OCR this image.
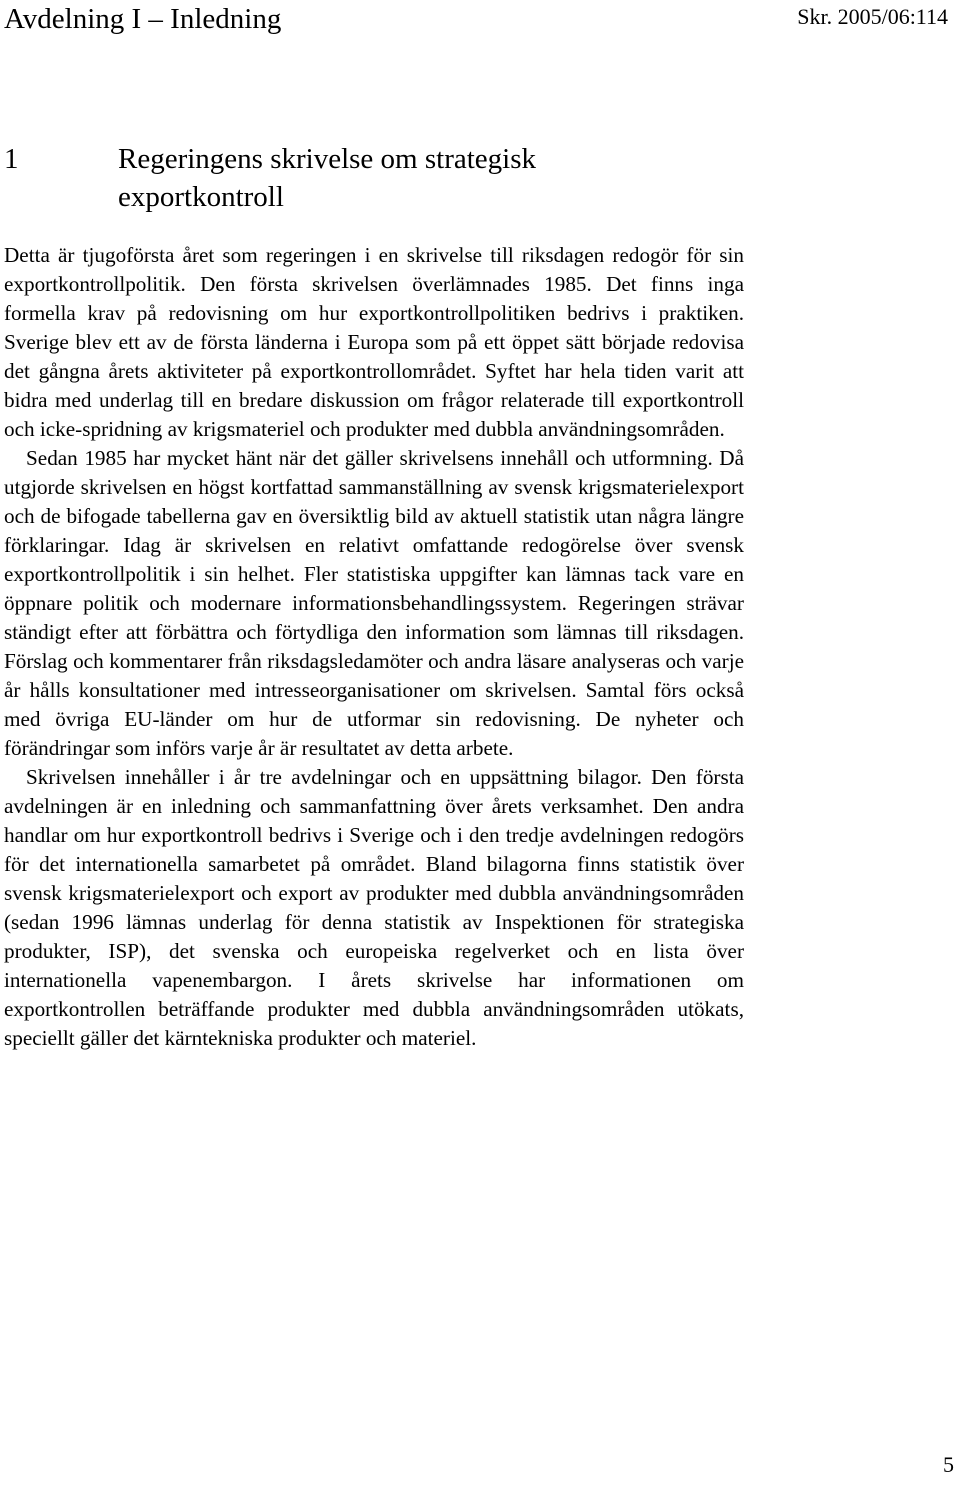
Avdelning I – Inledning	Skr. 2005/06:114
1	Regeringens skrivelse om strategisk exportkontroll

Detta är tjugoförsta året som regeringen i en skrivelse till riksdagen redogör för sin exportkontrollpolitik. Den första skrivelsen överlämnades 1985. Det finns inga formella krav på redovisning om hur exportkontrollpolitiken bedrivs i praktiken. Sverige blev ett av de första länderna i Europa som på ett öppet sätt började redovisa det gångna årets aktiviteter på exportkontrollområdet. Syftet har hela tiden varit att bidra med underlag till en bredare diskussion om frågor relaterade till exportkontroll och icke-spridning av krigsmateriel och produkter med dubbla användningsområden.

Sedan 1985 har mycket hänt när det gäller skrivelsens innehåll och utformning. Då utgjorde skrivelsen en högst kortfattad sammanställning av svensk krigsmaterielexport och de bifogade tabellerna gav en översiktlig bild av aktuell statistik utan några längre förklaringar. Idag är skrivelsen en relativt omfattande redogörelse över svensk exportkontrollpolitik i sin helhet. Fler statistiska uppgifter kan lämnas tack vare en öppnare politik och modernare informationsbehandlingssystem. Regeringen strävar ständigt efter att förbättra och förtydliga den information som lämnas till riksdagen. Förslag och kommentarer från riksdagsledamöter och andra läsare analyseras och varje år hålls konsultationer med intresseorganisationer om skrivelsen. Samtal förs också med övriga EU-länder om hur de utformar sin redovisning. De nyheter och förändringar som införs varje år är resultatet av detta arbete.

Skrivelsen innehåller i år tre avdelningar och en uppsättning bilagor. Den första avdelningen är en inledning och sammanfattning över årets verksamhet. Den andra handlar om hur exportkontroll bedrivs i Sverige och i den tredje avdelningen redogörs för det internationella samarbetet på området. Bland bilagorna finns statistik över svensk krigsmaterielexport och export av produkter med dubbla användningsområden (sedan 1996 lämnas underlag för denna statistik av Inspektionen för strategiska produkter, ISP), det svenska och europeiska regelverket och en lista över internationella vapenembargon. I årets skrivelse har informationen om exportkontrollen beträffande produkter med dubbla användningsområden utökats, speciellt gäller det kärntekniska produkter och materiel.

5
